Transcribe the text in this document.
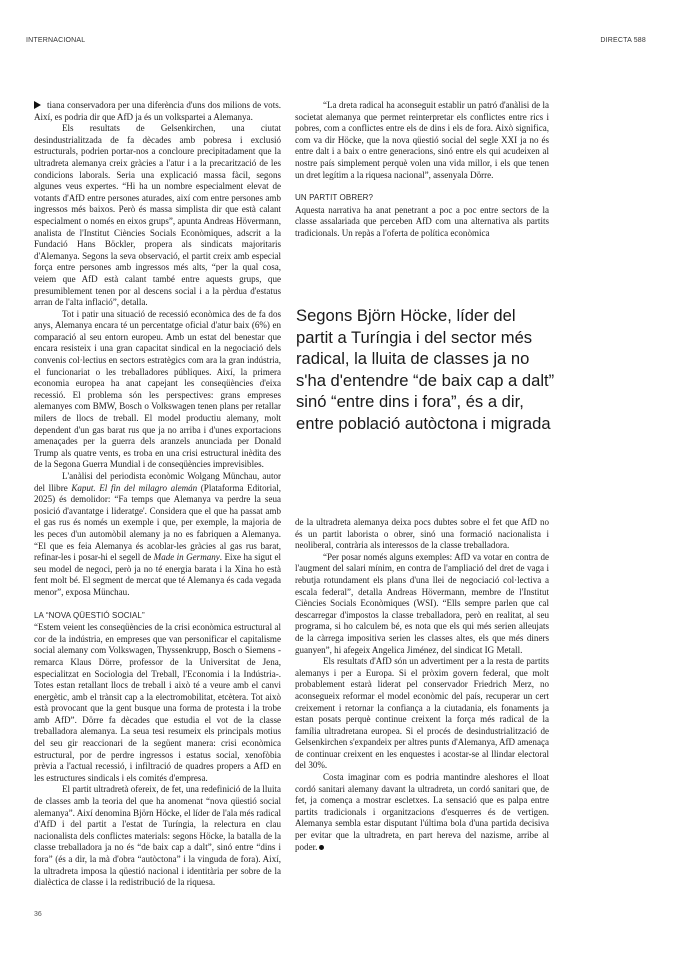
INTERNACIONAL	DIRECTA 588

tiana conservadora per una diferència d'uns dos milions de vots. Així, es podria dir que AfD ja és un volkspartei a Alemanya.

Els resultats de Gelsenkirchen, una ciutat desindustrialitzada de fa dècades amb pobresa i exclusió estructurals, podrien portar-nos a concloure precipitadament que la ultradreta alemanya creix gràcies a l'atur i a la precarització de les condicions laborals. Seria una explicació massa fàcil, segons algunes veus expertes. “Hi ha un nombre especialment elevat de votants d'AfD entre persones aturades, així com entre persones amb ingressos més baixos. Però és massa simplista dir que està calant especialment o només en eixos grups”, apunta Andreas Hövermann, analista de l'Institut Ciències Socials Econòmiques, adscrit a la Fundació Hans Böckler, propera als sindicats majoritaris d'Alemanya. Segons la seva observació, el partit creix amb especial força entre persones amb ingressos més alts, “per la qual cosa, veiem que AfD està calant també entre aquests grups, que presumiblement tenen por al descens social i a la pèrdua d'estatus arran de l'alta inflació”, detalla.

Tot i patir una situació de recessió econòmica des de fa dos anys, Alemanya encara té un percentatge oficial d'atur baix (6%) en comparació al seu entorn europeu. Amb un estat del benestar que encara resisteix i una gran capacitat sindical en la negociació dels convenis col·lectius en sectors estratègics com ara la gran indústria, el funcionariat o les treballadores públiques. Així, la primera economia europea ha anat capejant les conseqüències d'eixa recessió. El problema són les perspectives: grans empreses alemanyes com BMW, Bosch o Volkswagen tenen plans per retallar milers de llocs de treball. El model productiu alemany, molt dependent d'un gas barat rus que ja no arriba i d'unes exportacions amenaçades per la guerra dels aranzels anunciada per Donald Trump als quatre vents, es troba en una crisi estructural inèdita des de la Segona Guerra Mundial i de conseqüències imprevisibles.

L'anàlisi del periodista econòmic Wolgang Münchau, autor del llibre Kaput. El fin del milagro alemán (Plataforma Editorial, 2025) és demolidor: “Fa temps que Alemanya va perdre la seua posició d'avantatge i lideratge'. Considera que el que ha passat amb el gas rus és només un exemple i que, per exemple, la majoria de les peces d'un automòbil alemany ja no es fabriquen a Alemanya. “El que es feia Alemanya és acoblar-les gràcies al gas rus barat, refinar-les i posar-hi el segell de Made in Germany. Eixe ha sigut el seu model de negoci, però ja no té energia barata i la Xina ho està fent molt bé. El segment de mercat que té Alemanya és cada vegada menor”, exposa Münchau.

LA “NOVA QÜESTIÓ SOCIAL”

“Estem veient les conseqüències de la crisi econòmica estructural al cor de la indústria, en empreses que van personificar el capitalisme social alemany com Volkswagen, Thyssenkrupp, Bosch o Siemens -remarca Klaus Dörre, professor de la Universitat de Jena, especialitzat en Sociologia del Treball, l'Economia i la Indústria-. Totes estan retallant llocs de treball i això té a veure amb el canvi energètic, amb el trànsit cap a la electromobilitat, etcètera. Tot això està provocant que la gent busque una forma de protesta i la trobe amb AfD”. Dörre fa dècades que estudia el vot de la classe treballadora alemanya. La seua tesi resumeix els principals motius del seu gir reaccionari de la següent manera: crisi econòmica estructural, por de perdre ingressos i estatus social, xenofòbia prèvia a l'actual recessió, i infiltració de quadres propers a AfD en les estructures sindicals i els comités d'empresa.

El partit ultradretà ofereix, de fet, una redefinició de la lluita de classes amb la teoria del que ha anomenat “nova qüestió social alemanya”. Així denomina Björn Höcke, el líder de l'ala més radical d'AfD i del partit a l'estat de Turíngia, la relectura en clau nacionalista dels conflictes materials: segons Höcke, la batalla de la classe treballadora ja no és “de baix cap a dalt”, sinó entre “dins i fora” (és a dir, la mà d'obra “autòctona” i la vinguda de fora). Així, la ultradreta imposa la qüestió nacional i identitària per sobre de la dialèctica de classe i la redistribució de la riquesa.

“La dreta radical ha aconseguit establir un patró d'anàlisi de la societat alemanya que permet reinterpretar els conflictes entre rics i pobres, com a conflictes entre els de dins i els de fora. Això significa, com va dir Höcke, que la nova qüestió social del segle XXI ja no és entre dalt i a baix o entre generacions, sinó entre els qui acudeixen al nostre país simplement perquè volen una vida millor, i els que tenen un dret legítim a la riquesa nacional”, assenyala Dörre.

UN PARTIT OBRER?

Aquesta narrativa ha anat penetrant a poc a poc entre sectors de la classe assalariada que perceben AfD com una alternativa als partits tradicionals. Un repàs a l'oferta de política econòmica

Segons Björn Höcke, líder del partit a Turíngia i del sector més radical, la lluita de classes ja no s'ha d'entendre “de baix cap a dalt” sinó “entre dins i fora”, és a dir, entre població autòctona i migrada

de la ultradreta alemanya deixa pocs dubtes sobre el fet que AfD no és un partit laborista o obrer, sinó una formació nacionalista i neoliberal, contrària als interessos de la classe treballadora.

“Per posar només alguns exemples: AfD va votar en contra de l'augment del salari mínim, en contra de l'ampliació del dret de vaga i rebutja rotundament els plans d'una llei de negociació col·lectiva a escala federal”, detalla Andreas Hövermann, membre de l'Institut Ciències Socials Econòmiques (WSI). “Ells sempre parlen que cal descarregar d'impostos la classe treballadora, però en realitat, al seu programa, si ho calculem bé, es nota que els qui més serien alleujats de la càrrega impositiva serien les classes altes, els que més diners guanyen”, hi afegeix Angelica Jiménez, del sindicat IG Metall.

Els resultats d'AfD són un advertiment per a la resta de partits alemanys i per a Europa. Si el pròxim govern federal, que molt probablement estarà liderat pel conservador Friedrich Merz, no aconsegueix reformar el model econòmic del país, recuperar un cert creixement i retornar la confiança a la ciutadania, els fonaments ja estan posats perquè continue creixent la força més radical de la família ultradretana europea. Si el procés de desindustrialització de Gelsenkirchen s'expandeix per altres punts d'Alemanya, AfD amenaça de continuar creixent en les enquestes i acostar-se al llindar electoral del 30%.

Costa imaginar com es podria mantindre aleshores el lloat cordó sanitari alemany davant la ultradreta, un cordó sanitari que, de fet, ja comença a mostrar escletxes. La sensació que es palpa entre partits tradicionals i organitzacions d'esquerres és de vertigen. Alemanya sembla estar disputant l'última bola d'una partida decisiva per evitar que la ultradreta, en part hereva del nazisme, arribe al poder.

36
